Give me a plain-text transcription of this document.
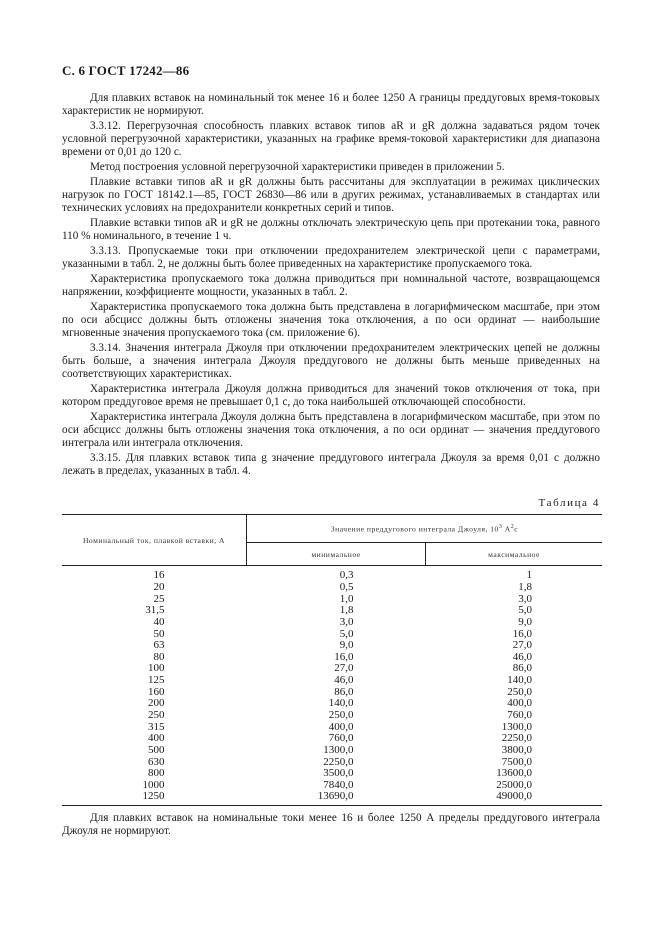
С. 6 ГОСТ 17242—86

Для плавких вставок на номинальный ток менее 16 и более 1250 А границы преддуговых время-токовых характеристик не нормируют.

3.3.12. Перегрузочная способность плавких вставок типов aR и gR должна задаваться рядом точек условной перегрузочной характеристики, указанных на графике время-токовой характеристики для диапазона времени от 0,01 до 120 с.

Метод построения условной перегрузочной характеристики приведен в приложении 5.

Плавкие вставки типов aR и gR должны быть рассчитаны для эксплуатации в режимах циклических нагрузок по ГОСТ 18142.1—85, ГОСТ 26830—86 или в других режимах, устанавливаемых в стандартах или технических условиях на предохранители конкретных серий и типов.

Плавкие вставки типов aR и gR не должны отключать электрическую цепь при протекании тока, равного 110 % номинального, в течение 1 ч.

3.3.13. Пропускаемые токи при отключении предохранителем электрической цепи с параметрами, указанными в табл. 2, не должны быть более приведенных на характеристике пропускаемого тока.

Характеристика пропускаемого тока должна приводиться при номинальной частоте, возвращающемся напряжении, коэффициенте мощности, указанных в табл. 2.

Характеристика пропускаемого тока должна быть представлена в логарифмическом масштабе, при этом по оси абсцисс должны быть отложены значения тока отключения, а по оси ординат — наибольшие мгновенные значения пропускаемого тока (см. приложение 6).

3.3.14. Значения интеграла Джоуля при отключении предохранителем электрических цепей не должны быть больше, а значения интеграла Джоуля преддугового не должны быть меньше приведенных на соответствующих характеристиках.

Характеристика интеграла Джоуля должна приводиться для значений токов отключения от тока, при котором преддуговое время не превышает 0,1 с, до тока наибольшей отключающей способности.

Характеристика интеграла Джоуля должна быть представлена в логарифмическом масштабе, при этом по оси абсцисс должны быть отложены значения тока отключения, а по оси ординат — значения преддугового интеграла или интеграла отключения.

3.3.15. Для плавких вставок типа g значение преддугового интеграла Джоуля за время 0,01 с должно лежать в пределах, указанных в табл. 4.

Таблица 4
Номинальный ток, плавкой вставки, А	Значение преддугового интеграла Джоуля, $10^3$ $А^2с$	
	минимальное	максимальное
16	0,3	1
20	0,5	1,8
25	1,0	3,0
31,5	1,8	5,0
40	3,0	9,0
50	5,0	16,0
63	9,0	27,0
80	16,0	46,0
100	27,0	86,0
125	46,0	140,0
160	86,0	250,0
200	140,0	400,0
250	250,0	760,0
315	400,0	1300,0
400	760,0	2250,0
500	1300,0	3800,0
630	2250,0	7500,0
800	3500,0	13600,0
1000	7840,0	25000,0
1250	13690,0	49000,0

Для плавких вставок на номинальные токи менее 16 и более 1250 А пределы преддугового интеграла Джоуля не нормируют.
